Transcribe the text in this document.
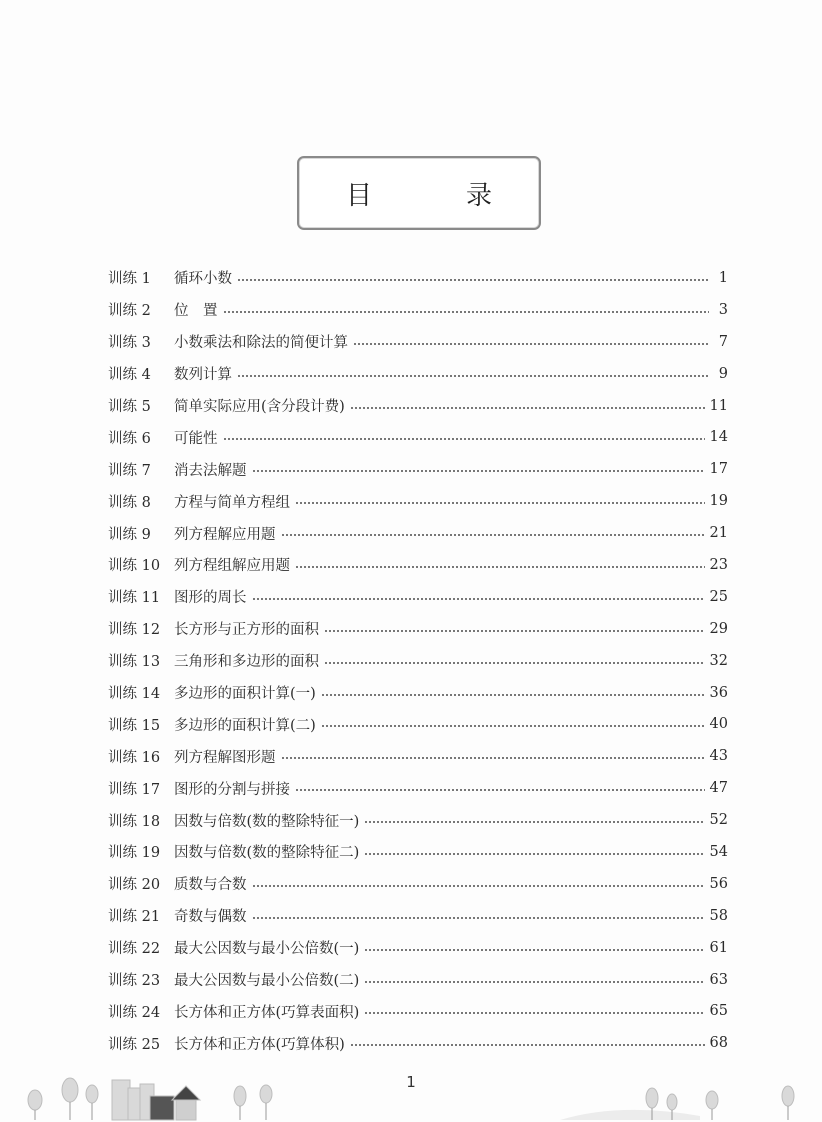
目　录
训练 1	循环小数	1
训练 2	位　置	3
训练 3	小数乘法和除法的简便计算	7
训练 4	数列计算	9
训练 5	简单实际应用(含分段计费)	11
训练 6	可能性	14
训练 7	消去法解题	17
训练 8	方程与简单方程组	19
训练 9	列方程解应用题	21
训练 10 列方程组解应用题	23
训练 11 图形的周长	25
训练 12 长方形与正方形的面积	29
训练 13 三角形和多边形的面积	32
训练 14 多边形的面积计算(一)	36
训练 15 多边形的面积计算(二)	40
训练 16 列方程解图形题	43
训练 17 图形的分割与拼接	47
训练 18 因数与倍数(数的整除特征一)	52
训练 19 因数与倍数(数的整除特征二)	54
训练 20 质数与合数	56
训练 21 奇数与偶数	58
训练 22 最大公因数与最小公倍数(一)	61
训练 23 最大公因数与最小公倍数(二)	63
训练 24 长方体和正方体(巧算表面积)	65
训练 25 长方体和正方体(巧算体积)	68
1
